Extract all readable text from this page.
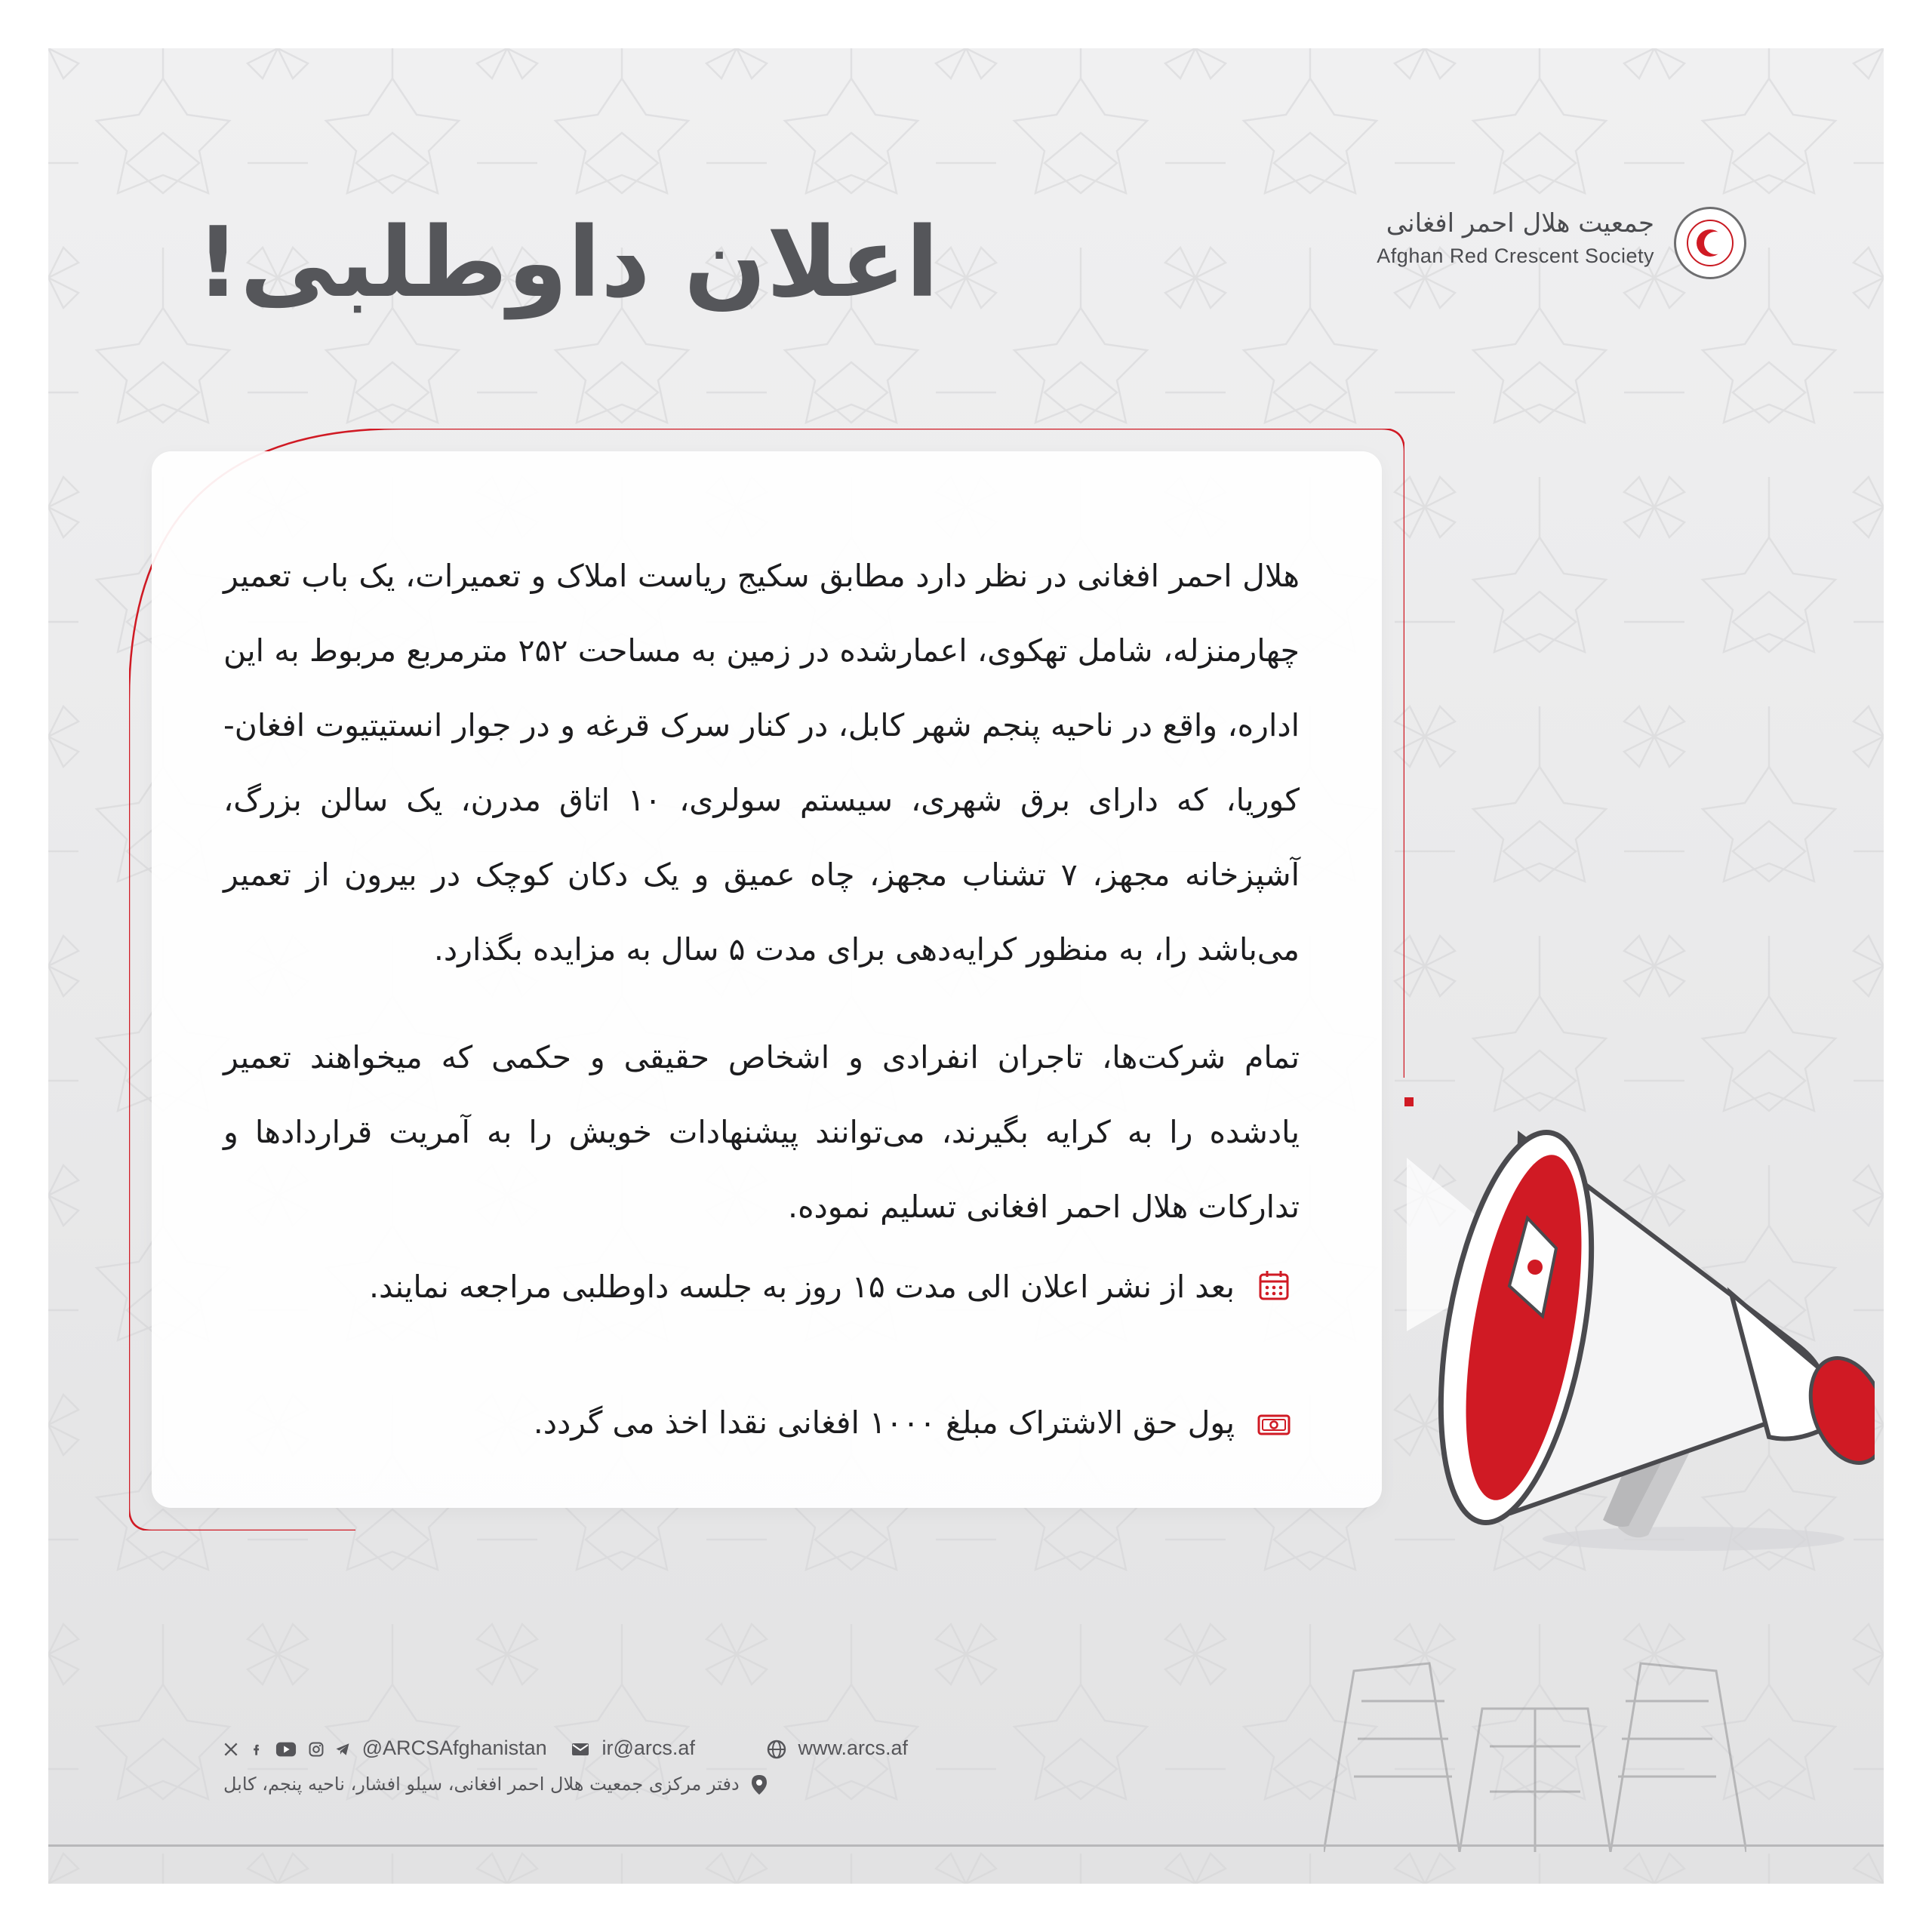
اعلان داوطلبی!	جمعیت هلال احمر افغانی
Afghan Red Crescent Society
هلال احمر افغانی در نظر دارد مطابق سکیج ریاست املاک و تعمیرات، یک باب تعمیر چهارمنزله، شامل تهکوی، اعمارشده در زمین به مساحت ۲۵۲ مترمربع مربوط به این اداره، واقع در ناحیه پنجم شهر کابل، در کنار سرک قرغه و در جوار انستیتیوت افغان-کوریا، که دارای برق شهری، سیستم سولری، ۱۰ اتاق مدرن، یک سالن بزرگ، آشپزخانه مجهز، ۷ تشناب مجهز، چاه عمیق و یک دکان کوچک در بیرون از تعمیر می‌باشد را، به منظور کرایه‌دهی برای مدت ۵ سال به مزایده بگذارد.
تمام شرکت‌ها، تاجران انفرادی و اشخاص حقیقی و حکمی که میخواهند تعمیر یادشده را به کرایه بگیرند، می‌توانند پیشنهادات خویش را به آمریت قراردادها و تدارکات هلال احمر افغانی تسلیم نموده.
بعد از نشر اعلان الی مدت ۱۵ روز به جلسه داوطلبی مراجعه نمایند.
پول حق الاشتراک مبلغ ۱۰۰۰ افغانی نقدا اخذ می گردد.
@ARCSAfghanistan	ir@arcs.af	www.arcs.af
دفتر مرکزی جمعیت هلال احمر افغانی، سیلو افشار، ناحیه پنجم، کابل
